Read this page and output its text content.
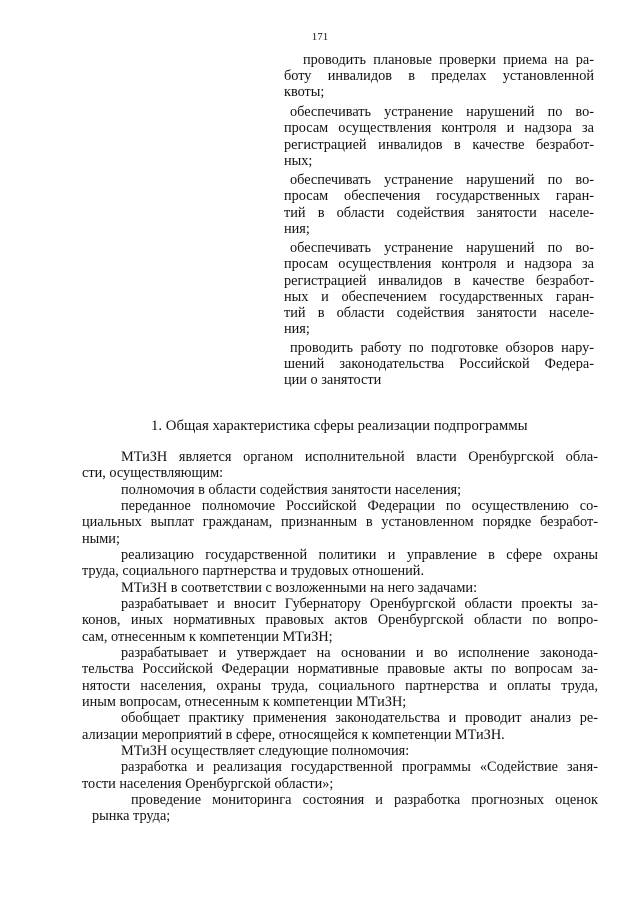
171
проводить плановые проверки приема на ра-
боту инвалидов в пределах установленной
квоты;
обеспечивать устранение нарушений по во-
просам осуществления контроля и надзора за
регистрацией инвалидов в качестве безработ-
ных;
обеспечивать устранение нарушений по во-
просам обеспечения государственных гаран-
тий в области содействия занятости населе-
ния;
обеспечивать устранение нарушений по во-
просам осуществления контроля и надзора за
регистрацией инвалидов в качестве безработ-
ных и обеспечением государственных гаран-
тий в области содействия занятости населе-
ния;
проводить работу по подготовке обзоров нару-
шений законодательства Российской Федера-
ции о занятости
1. Общая характеристика сферы реализации подпрограммы
МТиЗН является органом исполнительной власти Оренбургской обла-
сти, осуществляющим:
полномочия в области содействия занятости населения;
переданное полномочие Российской Федерации по осуществлению со-
циальных выплат гражданам, признанным в установленном порядке безработ-
ными;
реализацию государственной политики и управление в сфере охраны
труда, социального партнерства и трудовых отношений.
МТиЗН в соответствии с возложенными на него задачами:
разрабатывает и вносит Губернатору Оренбургской области проекты за-
конов, иных нормативных правовых актов Оренбургской области по вопро-
сам, отнесенным к компетенции МТиЗН;
разрабатывает и утверждает на основании и во исполнение законода-
тельства Российской Федерации нормативные правовые акты по вопросам за-
нятости населения, охраны труда, социального партнерства и оплаты труда,
иным вопросам, отнесенным к компетенции МТиЗН;
обобщает практику применения законодательства и проводит анализ ре-
ализации мероприятий в сфере, относящейся к компетенции МТиЗН.
МТиЗН осуществляет следующие полномочия:
разработка и реализация государственной программы «Содействие заня-
тости населения Оренбургской области»;
проведение мониторинга состояния и разработка прогнозных оценок
рынка труда;
